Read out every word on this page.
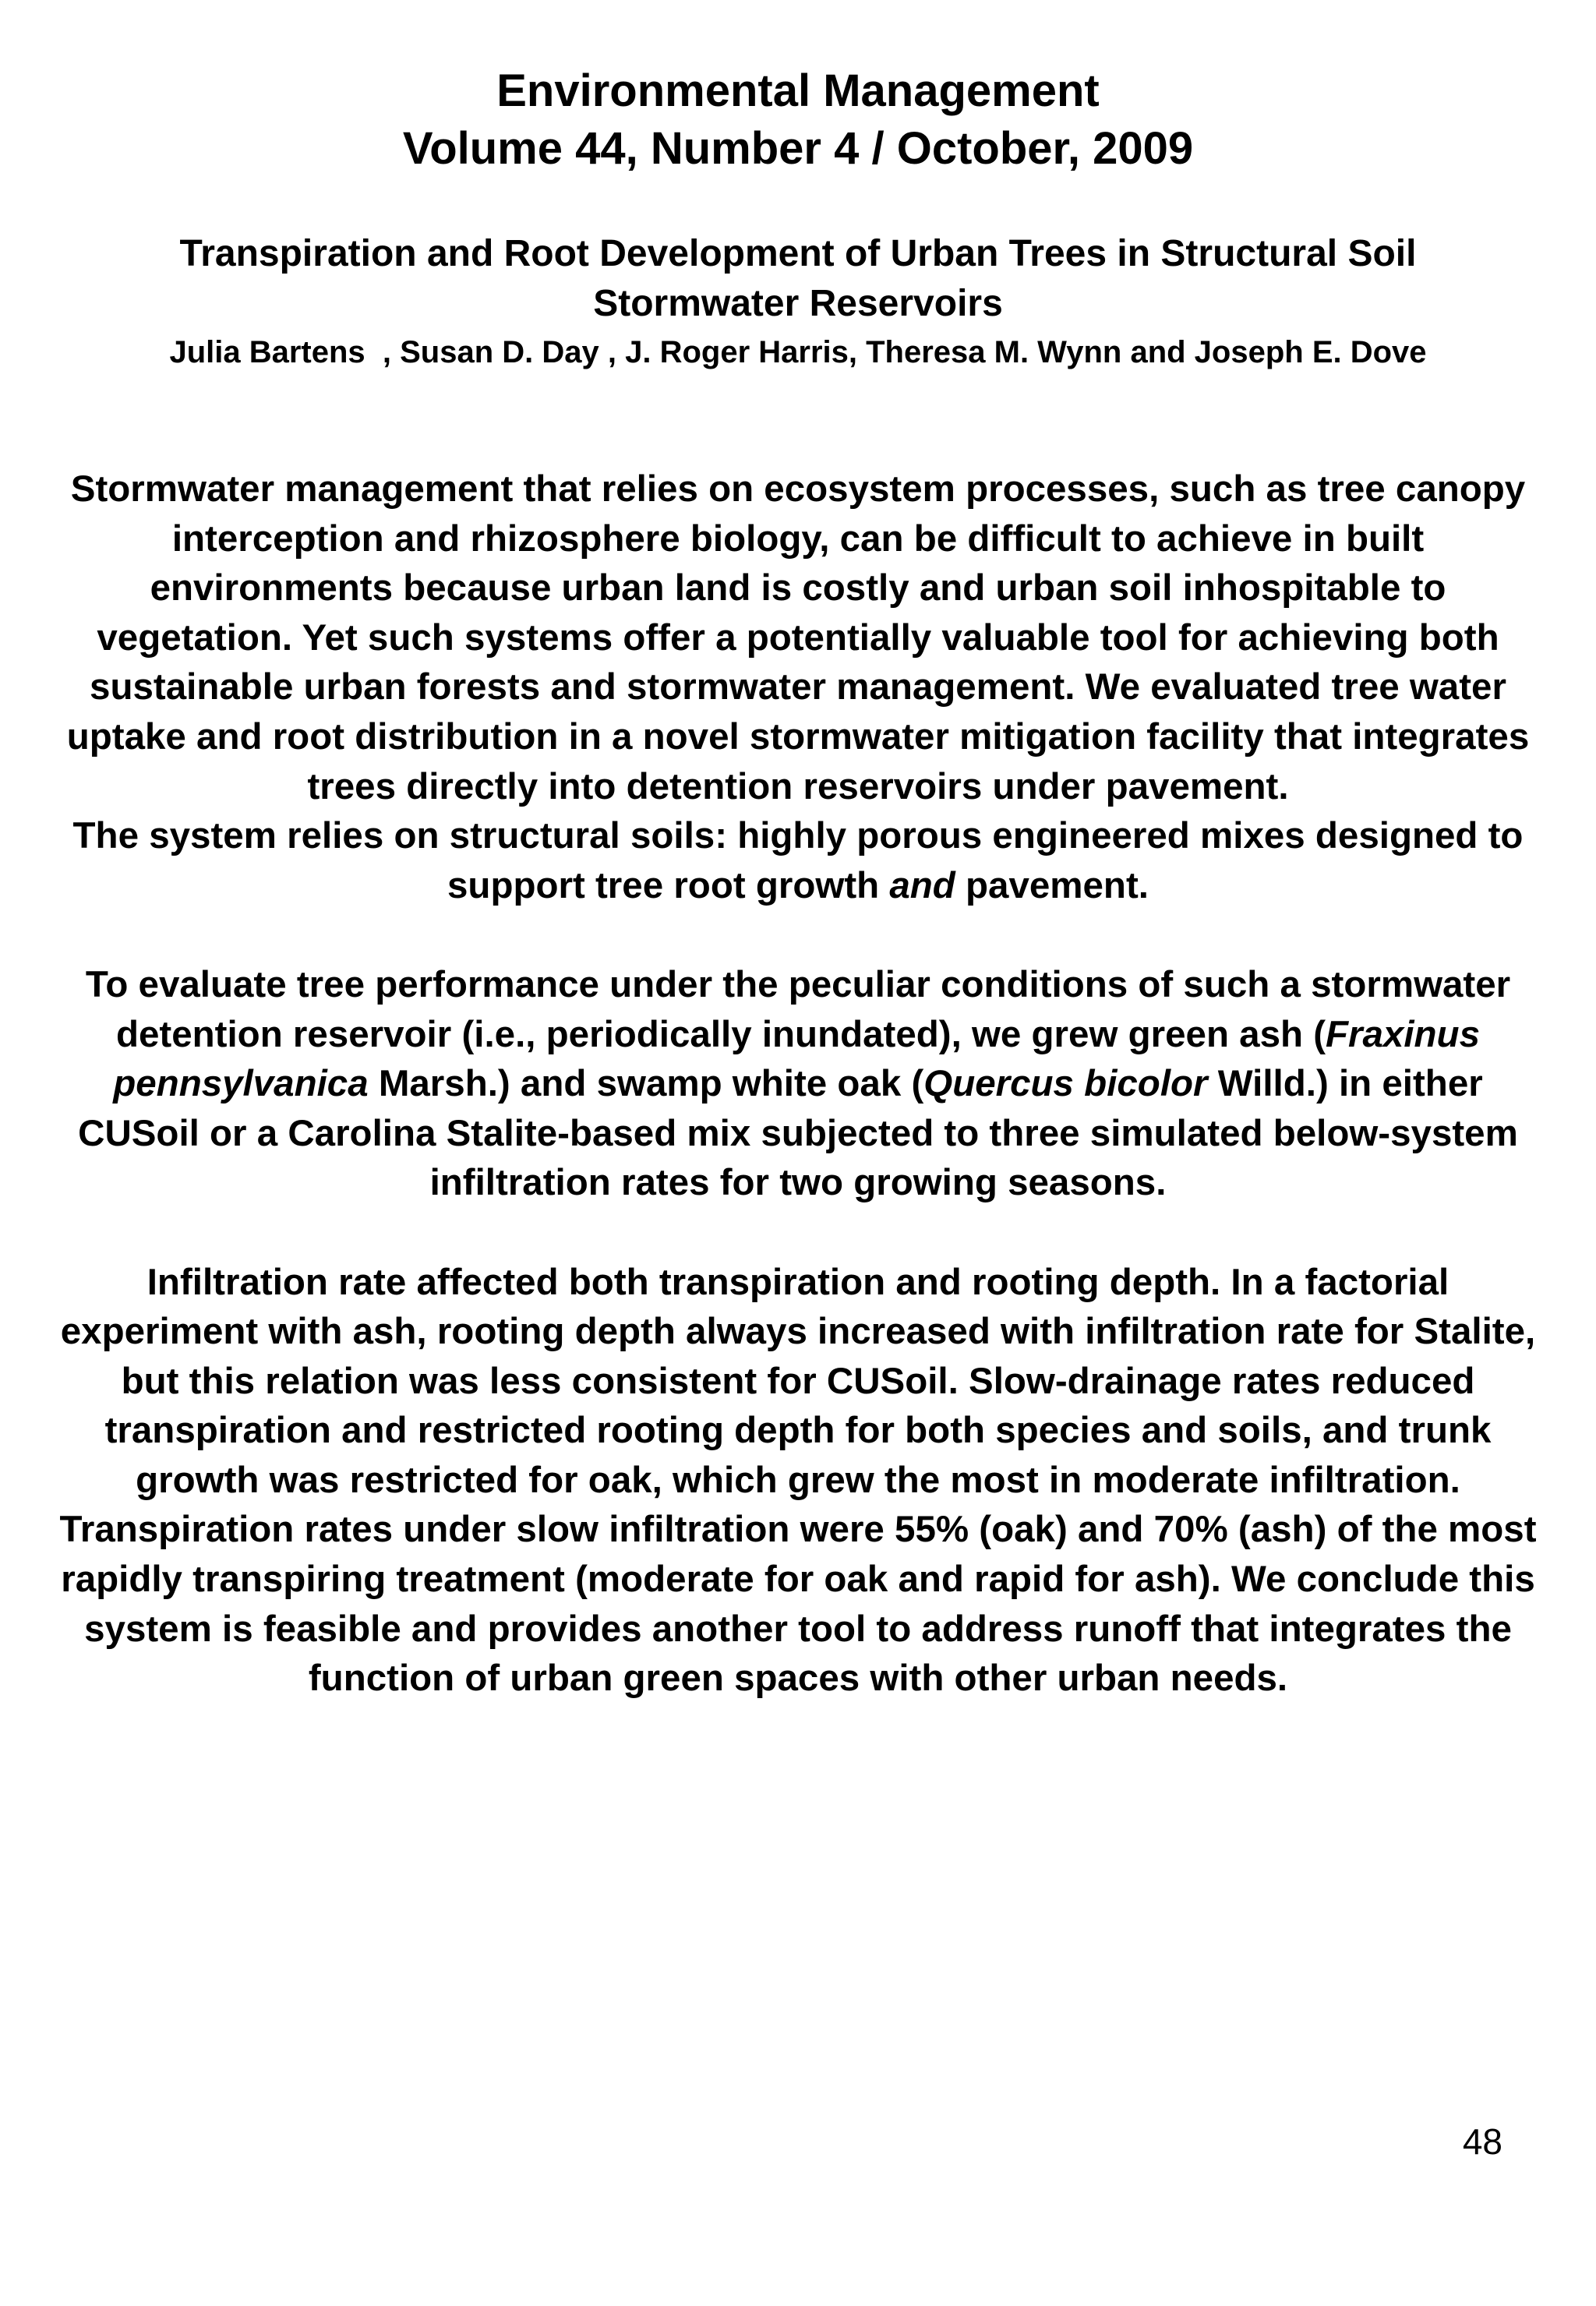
Environmental Management
Volume 44, Number 4 / October, 2009
Transpiration and Root Development of Urban Trees in Structural Soil
Stormwater Reservoirs
Julia Bartens  , Susan D. Day , J. Roger Harris, Theresa M. Wynn and Joseph E. Dove

Stormwater management that relies on ecosystem processes, such as tree canopy interception and rhizosphere biology, can be difficult to achieve in built environments because urban land is costly and urban soil inhospitable to vegetation. Yet such systems offer a potentially valuable tool for achieving both sustainable urban forests and stormwater management. We evaluated tree water uptake and root distribution in a novel stormwater mitigation facility that integrates trees directly into detention reservoirs under pavement.

The system relies on structural soils: highly porous engineered mixes designed to support tree root growth and pavement.

To evaluate tree performance under the peculiar conditions of such a stormwater detention reservoir (i.e., periodically inundated), we grew green ash (Fraxinus pennsylvanica Marsh.) and swamp white oak (Quercus bicolor Willd.) in either CUSoil or a Carolina Stalite-based mix subjected to three simulated below-system infiltration rates for two growing seasons.

Infiltration rate affected both transpiration and rooting depth. In a factorial experiment with ash, rooting depth always increased with infiltration rate for Stalite, but this relation was less consistent for CUSoil. Slow-drainage rates reduced transpiration and restricted rooting depth for both species and soils, and trunk growth was restricted for oak, which grew the most in moderate infiltration.

Transpiration rates under slow infiltration were 55% (oak) and 70% (ash) of the most rapidly transpiring treatment (moderate for oak and rapid for ash). We conclude this system is feasible and provides another tool to address runoff that integrates the function of urban green spaces with other urban needs.

48
